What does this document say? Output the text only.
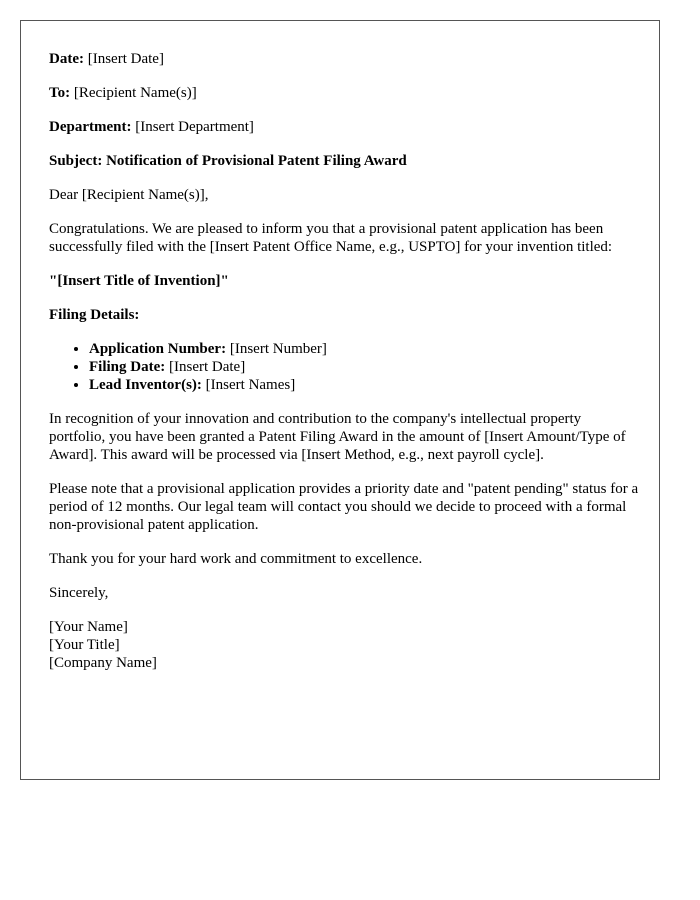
Date: [Insert Date]

To: [Recipient Name(s)]

Department: [Insert Department]

Subject: Notification of Provisional Patent Filing Award

Dear [Recipient Name(s)],

Congratulations. We are pleased to inform you that a provisional patent application has been successfully filed with the [Insert Patent Office Name, e.g., USPTO] for your invention titled:

"[Insert Title of Invention]"

Filing Details:

• Application Number: [Insert Number]
• Filing Date: [Insert Date]
• Lead Inventor(s): [Insert Names]

In recognition of your innovation and contribution to the company's intellectual property portfolio, you have been granted a Patent Filing Award in the amount of [Insert Amount/Type of Award]. This award will be processed via [Insert Method, e.g., next payroll cycle].

Please note that a provisional application provides a priority date and "patent pending" status for a period of 12 months. Our legal team will contact you should we decide to proceed with a formal non-provisional patent application.

Thank you for your hard work and commitment to excellence.

Sincerely,

[Your Name]
[Your Title]
[Company Name]
